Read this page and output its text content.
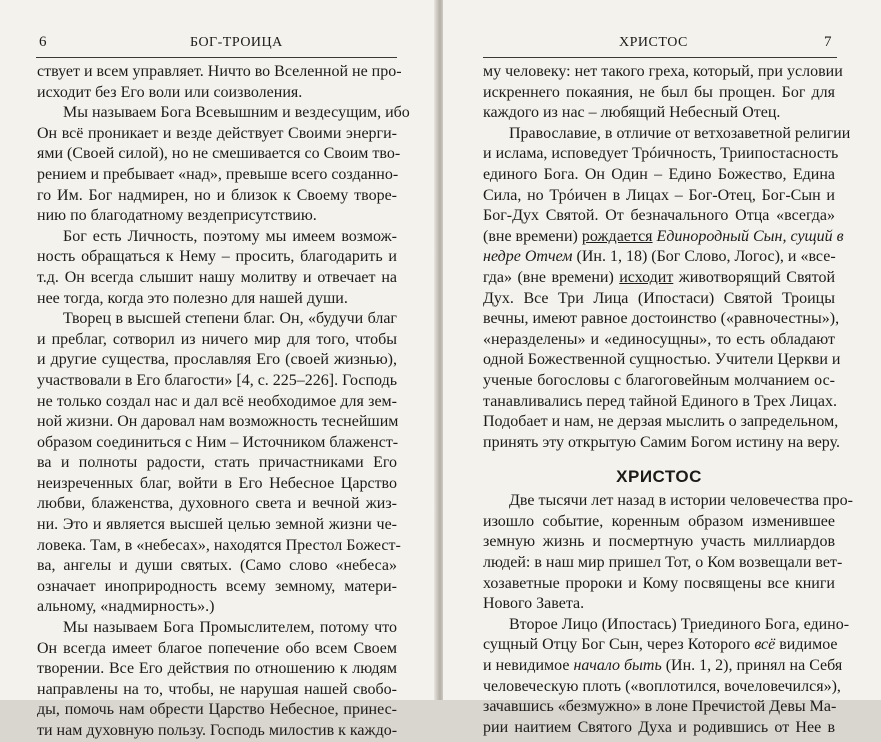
6	БОГ-ТРОИЦА
ствует и всем управляет. Ничто во Вселенной не про-
исходит без Его воли или соизволения.
Мы называем Бога Всевышним и вездесущим, ибо
Он всё проникает и везде действует Своими энерги-
ями (Своей силой), но не смешивается со Своим тво-
рением и пребывает «над», превыше всего созданно-
го Им. Бог надмирен, но и близок к Своему творе-
нию по благодатному вездеприсутствию.
Бог есть Личность, поэтому мы имеем возмож-
ность обращаться к Нему – просить, благодарить и
т.д. Он всегда слышит нашу молитву и отвечает на
нее тогда, когда это полезно для нашей души.
Творец в высшей степени благ. Он, «будучи благ
и преблаг, сотворил из ничего мир для того, чтобы
и другие существа, прославляя Его (своей жизнью),
участвовали в Его благости» [4, с. 225–226]. Господь
не только создал нас и дал всё необходимое для зем-
ной жизни. Он даровал нам возможность теснейшим
образом соединиться с Ним – Источником блаженст-
ва и полноты радости, стать причастниками Его
неизреченных благ, войти в Его Небесное Царство
любви, блаженства, духовного света и вечной жиз-
ни. Это и является высшей целью земной жизни че-
ловека. Там, в «небесах», находятся Престол Божест-
ва, ангелы и души святых. (Само слово «небеса»
означает иноприродность всему земному, матери-
альному, «надмирность».)
Мы называем Бога Промыслителем, потому что
Он всегда имеет благое попечение обо всем Своем
творении. Все Его действия по отношению к людям
направлены на то, чтобы, не нарушая нашей свобо-
ды, помочь нам обрести Царство Небесное, принес-
ти нам духовную пользу. Господь милостив к каждо-
ХРИСТОС	7
му человеку: нет такого греха, который, при условии
искреннего покаяния, не был бы прощен. Бог для
каждого из нас – любящий Небесный Отец.
Православие, в отличие от ветхозаветной религии
и ислама, исповедует Трóичность, Триипостасность
единого Бога. Он Один – Едино Божество, Едина
Сила, но Трóичен в Лицах – Бог-Отец, Бог-Сын и
Бог-Дух Святой. От безначального Отца «всегда»
(вне времени) рождается Единородный Сын, сущий в
недре Отчем (Ин. 1, 18) (Бог Слово, Логос), и «все-
гда» (вне времени) исходит животворящий Святой
Дух. Все Три Лица (Ипостаси) Святой Троицы
вечны, имеют равное достоинство («равночестны»),
«неразделены» и «единосущны», то есть обладают
одной Божественной сущностью. Учители Церкви и
ученые богословы с благоговейным молчанием ос-
танавливались перед тайной Единого в Трех Лицах.
Подобает и нам, не дерзая мыслить о запредельном,
принять эту открытую Самим Богом истину на веру.
ХРИСТОС
Две тысячи лет назад в истории человечества про-
изошло событие, коренным образом изменившее
земную жизнь и посмертную участь миллиардов
людей: в наш мир пришел Тот, о Ком возвещали вет-
хозаветные пророки и Кому посвящены все книги
Нового Завета.
Второе Лицо (Ипостась) Триединого Бога, едино-
сущный Отцу Бог Сын, через Которого всё видимое
и невидимое начало быть (Ин. 1, 2), принял на Себя
человеческую плоть («воплотился, вочеловечился»),
зачавшись «безмужно» в лоне Пречистой Девы Ма-
рии наитием Святого Духа и родившись от Нее в
